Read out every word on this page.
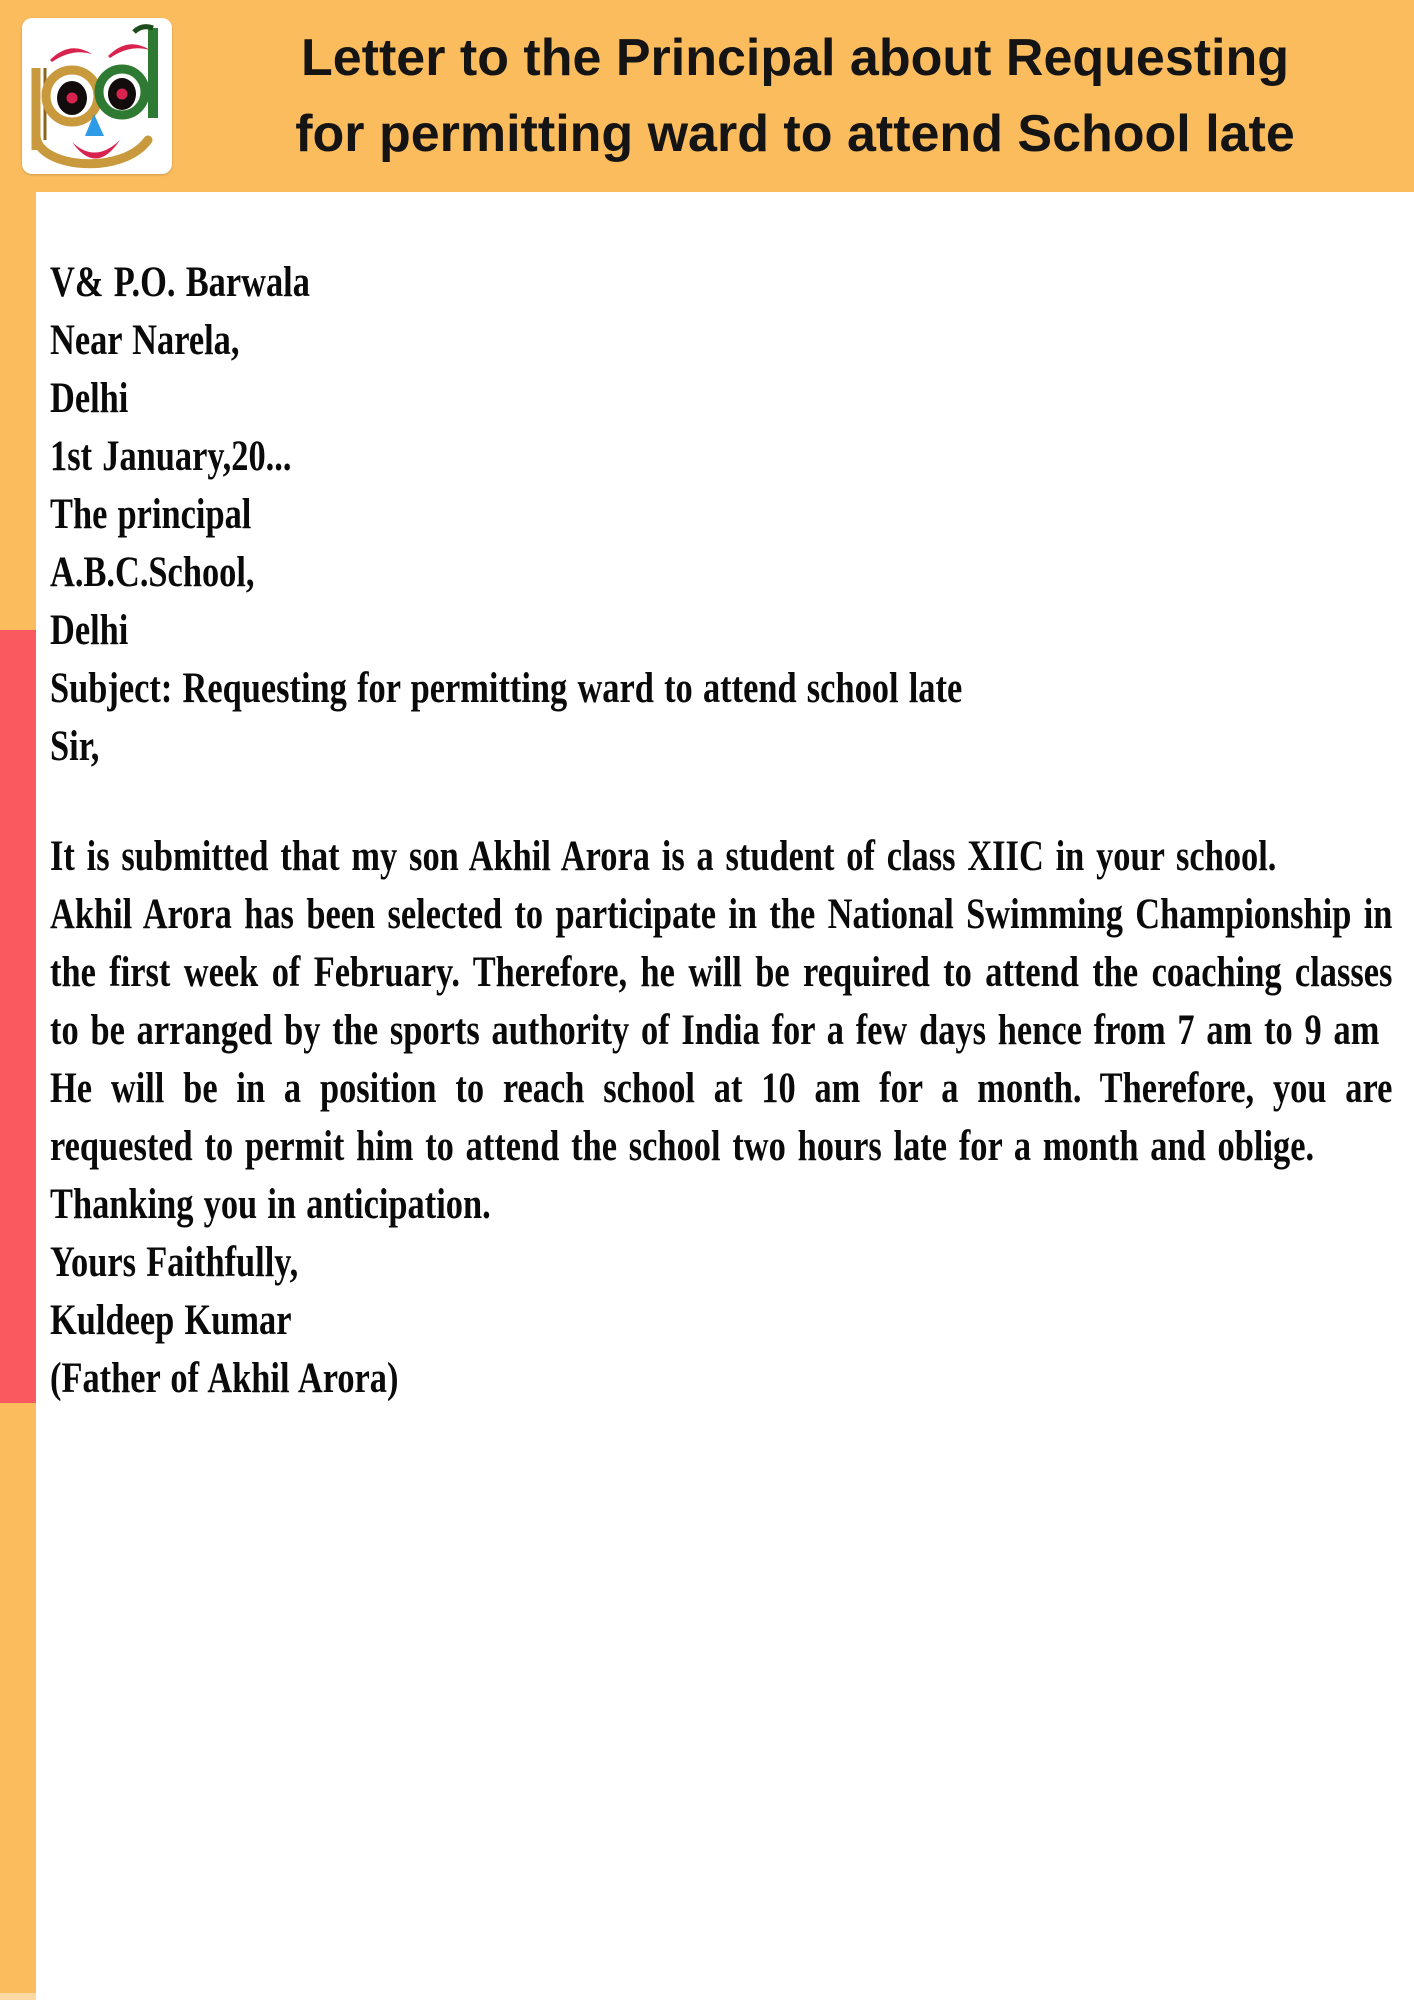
Letter to the Principal about Requesting
for permitting ward to attend School late

V& P.O. Barwala

Near Narela,

Delhi

1st January,20...

The principal

A.B.C.School,

Delhi

Subject: Requesting for permitting ward to attend school late

Sir,

It is submitted that my son Akhil Arora is a student of class XIIC in your school.

Akhil Arora has been selected to participate in the National Swimming Championship in the first week of February. Therefore, he will be required to attend the coaching classes to be arranged by the sports authority of India for a few days hence from 7 am to 9 am

He will be in a position to reach school at 10 am for a month. Therefore, you are requested to permit him to attend the school two hours late for a month and oblige.

Thanking you in anticipation.

Yours Faithfully,

Kuldeep Kumar

(Father of Akhil Arora)
